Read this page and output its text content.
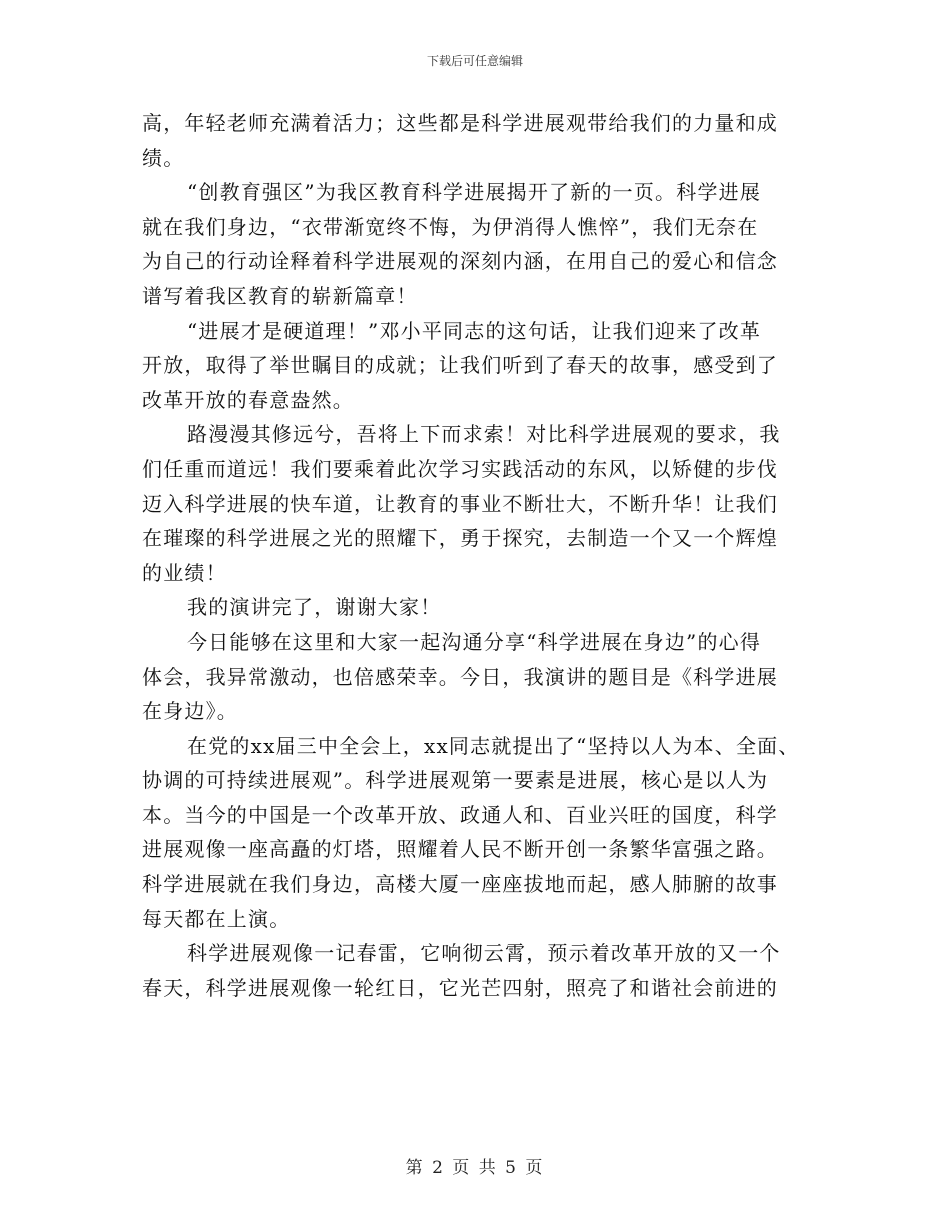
下载后可任意编辑
高，年轻老师充满着活力；这些都是科学进展观带给我们的力量和成
绩。
“创教育强区”为我区教育科学进展揭开了新的一页。科学进展
就在我们身边，“衣带渐宽终不悔，为伊消得人憔悴”，我们无奈在
为自己的行动诠释着科学进展观的深刻内涵，在用自己的爱心和信念
谱写着我区教育的崭新篇章！
“进展才是硬道理！”邓小平同志的这句话，让我们迎来了改革
开放，取得了举世瞩目的成就；让我们听到了春天的故事，感受到了
改革开放的春意盎然。
路漫漫其修远兮，吾将上下而求索！对比科学进展观的要求，我
们任重而道远！我们要乘着此次学习实践活动的东风，以矫健的步伐
迈入科学进展的快车道，让教育的事业不断壮大，不断升华！让我们
在璀璨的科学进展之光的照耀下，勇于探究，去制造一个又一个辉煌
的业绩！
我的演讲完了，谢谢大家！
今日能够在这里和大家一起沟通分享“科学进展在身边”的心得
体会，我异常激动，也倍感荣幸。今日，我演讲的题目是《科学进展
在身边》。
在党的xx届三中全会上，xx同志就提出了“坚持以人为本、全面、
协调的可持续进展观”。科学进展观第一要素是进展，核心是以人为
本。当今的中国是一个改革开放、政通人和、百业兴旺的国度，科学
进展观像一座高矗的灯塔，照耀着人民不断开创一条繁华富强之路。
科学进展就在我们身边，高楼大厦一座座拔地而起，感人肺腑的故事
每天都在上演。
科学进展观像一记春雷，它响彻云霄，预示着改革开放的又一个
春天，科学进展观像一轮红日，它光芒四射，照亮了和谐社会前进的
第 2 页 共 5 页
